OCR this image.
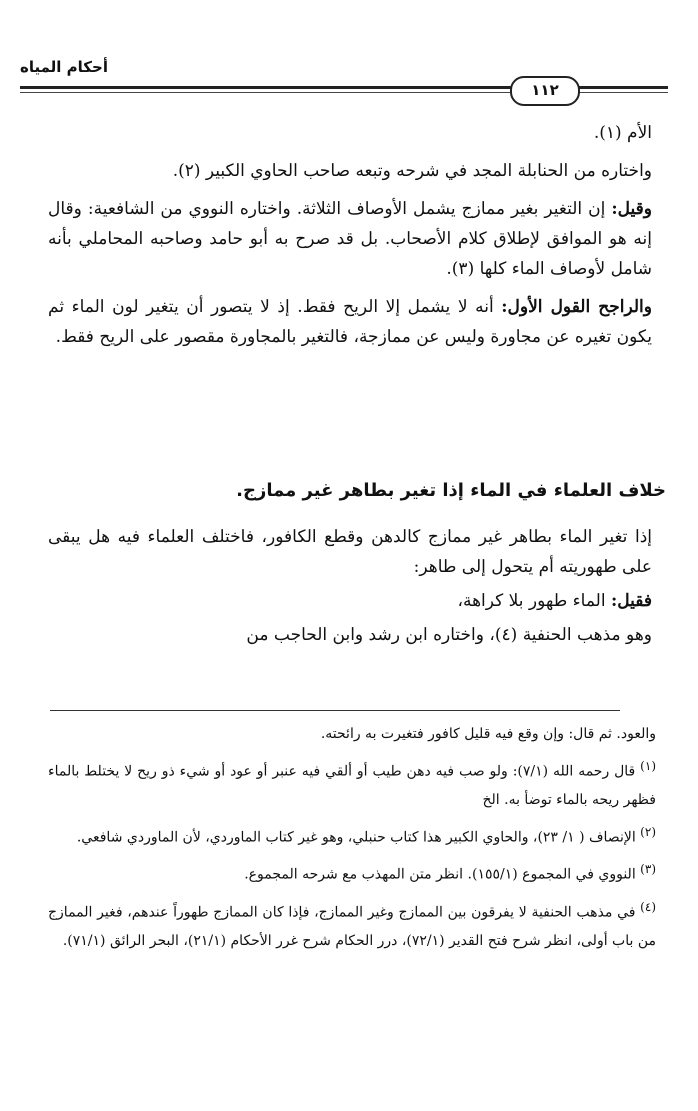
أحكام المياه
١١٢

الأم (١).

واختاره من الحنابلة المجد في شرحه وتبعه صاحب الحاوي الكبير (٢).

وقيل: إن التغير بغير ممازج يشمل الأوصاف الثلاثة. واختاره النووي من الشافعية: وقال إنه هو الموافق لإطلاق كلام الأصحاب. بل قد صرح به أبو حامد وصاحبه المحاملي بأنه شامل لأوصاف الماء كلها (٣).

والراجح القول الأول: أنه لا يشمل إلا الريح فقط. إذ لا يتصور أن يتغير لون الماء ثم يكون تغيره عن مجاورة وليس عن ممازجة، فالتغير بالمجاورة مقصور على الريح فقط.

خلاف العلماء في الماء إذا تغير بطاهر غير ممازج.

إذا تغير الماء بطاهر غير ممازج كالدهن وقطع الكافور، فاختلف العلماء فيه هل يبقى على طهوريته أم يتحول إلى طاهر:

فقيل: الماء طهور بلا كراهة،

وهو مذهب الحنفية (٤)، واختاره ابن رشد وابن الحاجب من

والعود. ثم قال: وإن وقع فيه قليل كافور فتغيرت به رائحته.

(١) قال رحمه الله (٧/١): ولو صب فيه دهن طيب أو ألقي فيه عنبر أو عود أو شيء ذو ريح لا يختلط بالماء فظهر ريحه بالماء توضأ به. الخ

(٢) الإنصاف ( ١/ ٢٣)، والحاوي الكبير هذا كتاب حنبلي، وهو غير كتاب الماوردي، لأن الماوردي شافعي.

(٣) النووي في المجموع (١٥٥/١). انظر متن المهذب مع شرحه المجموع.

(٤) في مذهب الحنفية لا يفرقون بين الممازج وغير الممازج، فإذا كان الممازج طهوراً عندهم، فغير الممازج من باب أولى، انظر شرح فتح القدير (٧٢/١)، درر الحكام شرح غرر الأحكام (٢١/١)، البحر الرائق (٧١/١).
